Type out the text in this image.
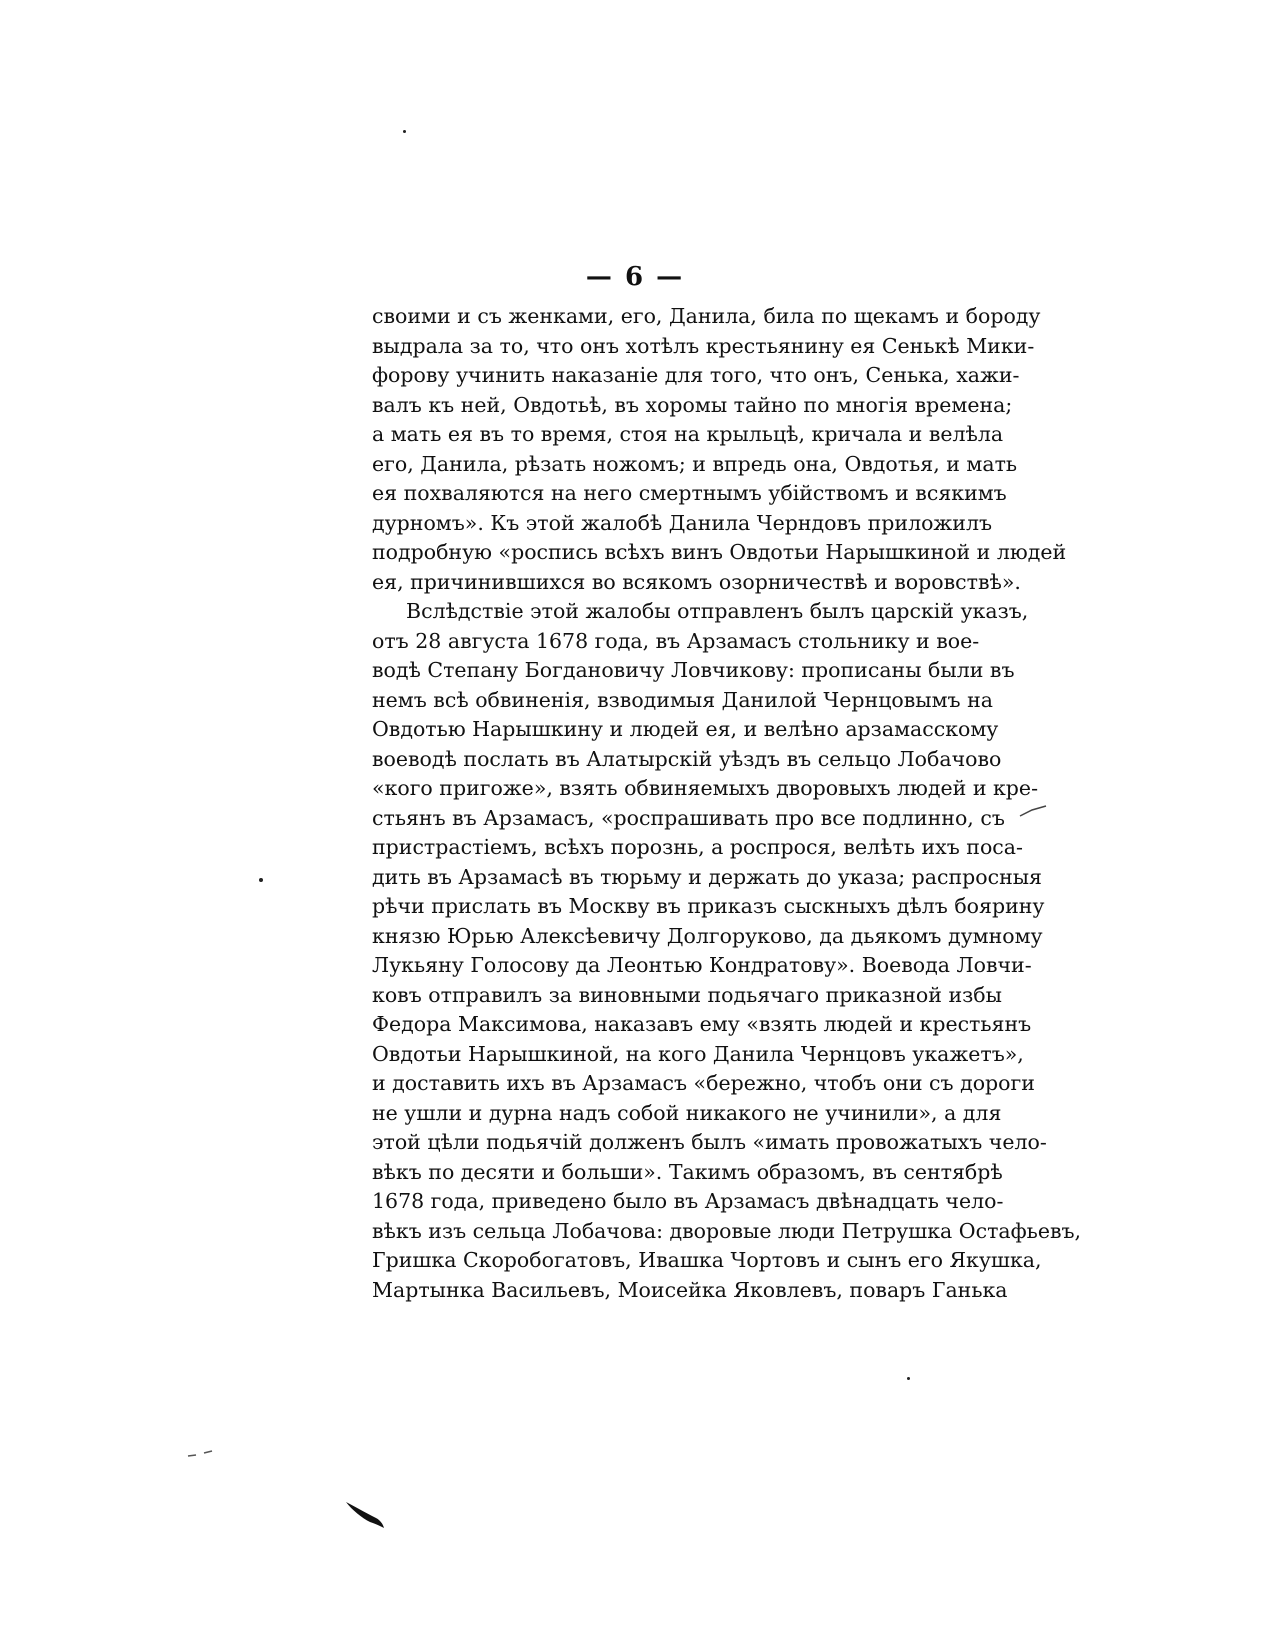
— 6 —
своими и съ женками, его, Данила, била по щекамъ и бороду
выдрала за то, что онъ хотѣлъ крестьянину ея Сенькѣ Мики-
форову учинить наказаніе для того, что онъ, Сенька, хажи-
валъ къ ней, Овдотьѣ, въ хоромы тайно по многія времена;
а мать ея въ то время, стоя на крыльцѣ, кричала и велѣла
его, Данила, рѣзать ножомъ; и впредь она, Овдотья, и мать
ея похваляются на него смертнымъ убійствомъ и всякимъ
дурномъ». Къ этой жалобѣ Данила Черндовъ приложилъ
подробную «роспись всѣхъ винъ Овдотьи Нарышкиной и людей
ея, причинившихся во всякомъ озорничествѣ и воровствѣ».
Вслѣдствіе этой жалобы отправленъ былъ царскій указъ,
отъ 28 августа 1678 года, въ Арзамасъ стольнику и вое-
водѣ Степану Богдановичу Ловчикову: прописаны были въ
немъ всѣ обвиненія, взводимыя Данилой Чернцовымъ на
Овдотью Нарышкину и людей ея, и велѣно арзамасскому
воеводѣ послать въ Алатырскій уѣздъ въ сельцо Лобачово
«кого пригоже», взять обвиняемыхъ дворовыхъ людей и кре-
стьянъ въ Арзамасъ, «роспрашивать про все подлинно, съ
пристрастіемъ, всѣхъ порознь, а роспрося, велѣть ихъ поса-
дить въ Арзамасѣ въ тюрьму и держать до указа; распросныя
рѣчи прислать въ Москву въ приказъ сыскныхъ дѣлъ боярину
князю Юрью Алексѣевичу Долгоруково, да дьякомъ думному
Лукьяну Голосову да Леонтью Кондратову». Воевода Ловчи-
ковъ отправилъ за виновными подьячаго приказной избы
Федора Максимова, наказавъ ему «взять людей и крестьянъ
Овдотьи Нарышкиной, на кого Данила Чернцовъ укажетъ»,
и доставить ихъ въ Арзамасъ «бережно, чтобъ они съ дороги
не ушли и дурна надъ собой никакого не учинили», а для
этой цѣли подьячій долженъ былъ «имать провожатыхъ чело-
вѣкъ по десяти и больши». Такимъ образомъ, въ сентябрѣ
1678 года, приведено было въ Арзамасъ двѣнадцать чело-
вѣкъ изъ сельца Лобачова: дворовые люди Петрушка Остафьевъ,
Гришка Скоробогатовъ, Ивашка Чортовъ и сынъ его Якушка,
Мартынка Васильевъ, Моисейка Яковлевъ, поваръ Ганька
